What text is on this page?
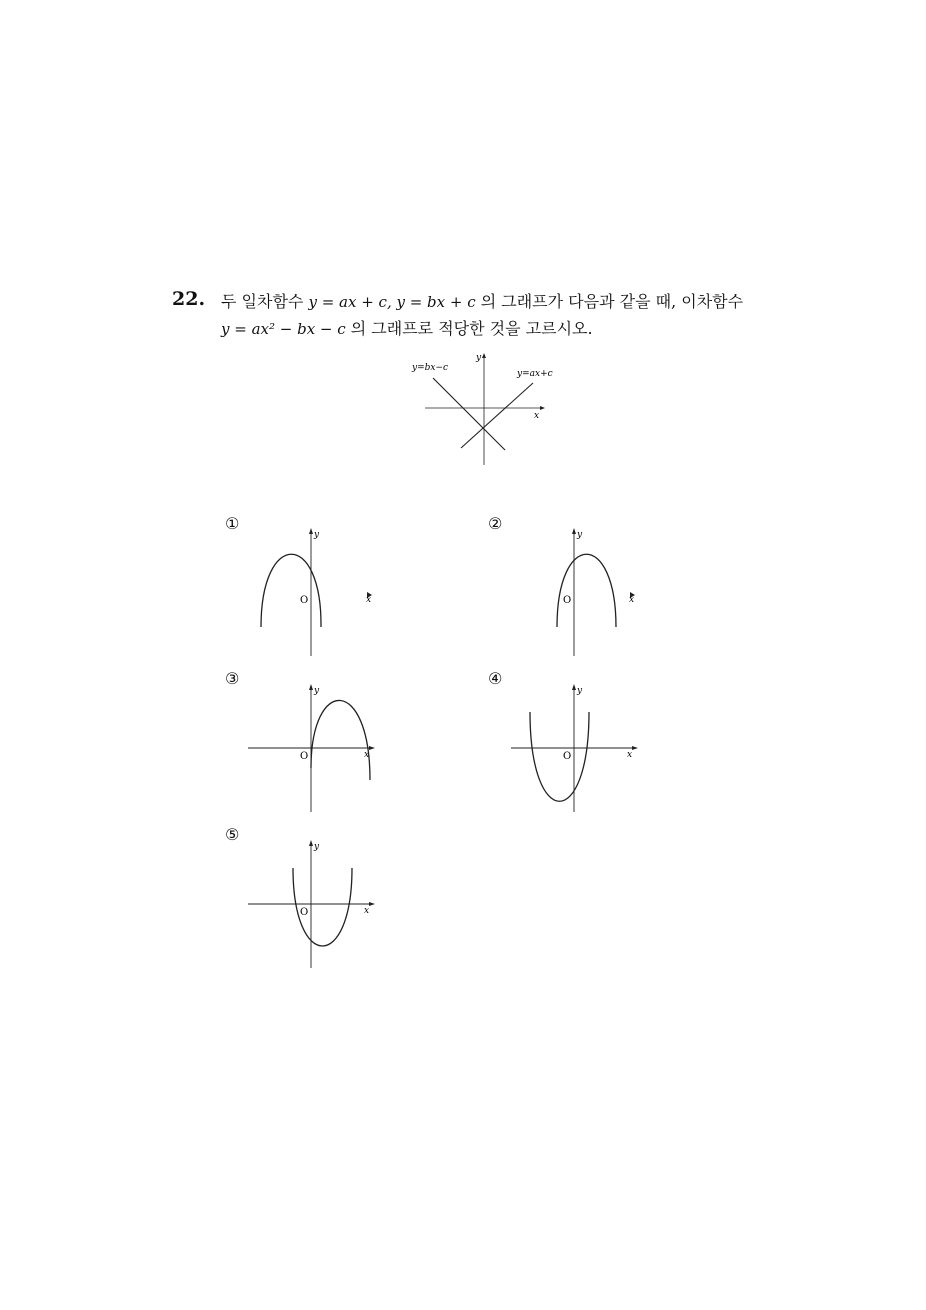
22. 두 일차함수 y = ax + c, y = bx + c 의 그래프가 다음과 같을 때, 이차함수
y = ax² − bx − c 의 그래프로 적당한 것을 고르시오.
y=bx−c
y=ax+c
x
y
①
O	x
y
②
O	x
y
③
O	x
y
④
O	x
y
⑤
O	x
y
